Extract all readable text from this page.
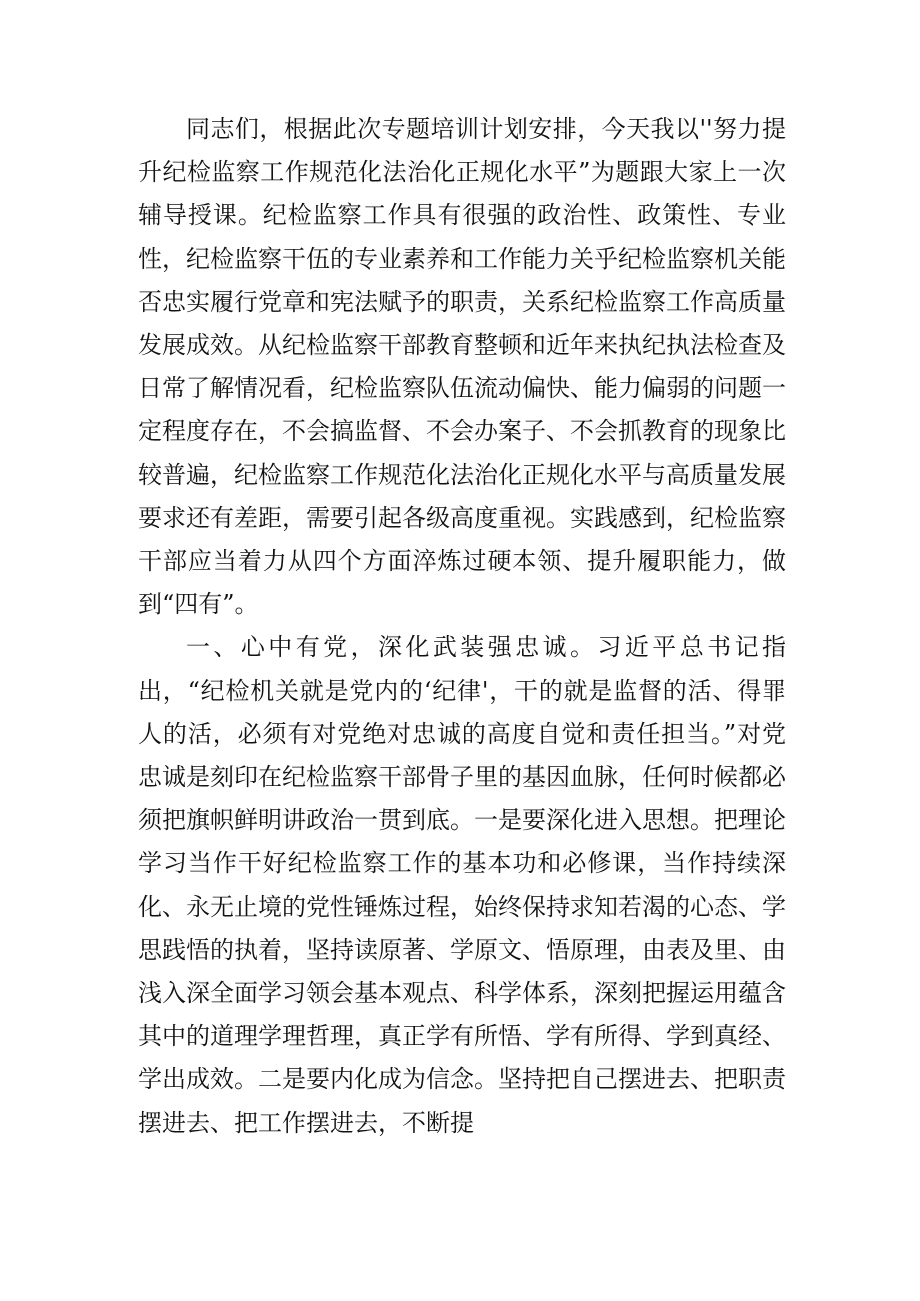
同志们，根据此次专题培训计划安排，今天我以''努力提升纪检监察工作规范化法治化正规化水平”为题跟大家上一次辅导授课。纪检监察工作具有很强的政治性、政策性、专业性，纪检监察干伍的专业素养和工作能力关乎纪检监察机关能否忠实履行党章和宪法赋予的职责，关系纪检监察工作高质量发展成效。从纪检监察干部教育整顿和近年来执纪执法检查及日常了解情况看，纪检监察队伍流动偏快、能力偏弱的问题一定程度存在，不会搞监督、不会办案子、不会抓教育的现象比较普遍，纪检监察工作规范化法治化正规化水平与高质量发展要求还有差距，需要引起各级高度重视。实践感到，纪检监察干部应当着力从四个方面淬炼过硬本领、提升履职能力，做到“四有”。

一、心中有党，深化武装强忠诚。习近平总书记指出，“纪检机关就是党内的‘纪律'，干的就是监督的活、得罪人的活，必须有对党绝对忠诚的高度自觉和责任担当。”对党忠诚是刻印在纪检监察干部骨子里的基因血脉，任何时候都必须把旗帜鲜明讲政治一贯到底。一是要深化进入思想。把理论学习当作干好纪检监察工作的基本功和必修课，当作持续深化、永无止境的党性锤炼过程，始终保持求知若渴的心态、学思践悟的执着，坚持读原著、学原文、悟原理，由表及里、由浅入深全面学习领会基本观点、科学体系，深刻把握运用蕴含其中的道理学理哲理，真正学有所悟、学有所得、学到真经、学出成效。二是要内化成为信念。坚持把自己摆进去、把职责摆进去、把工作摆进去，不断提
